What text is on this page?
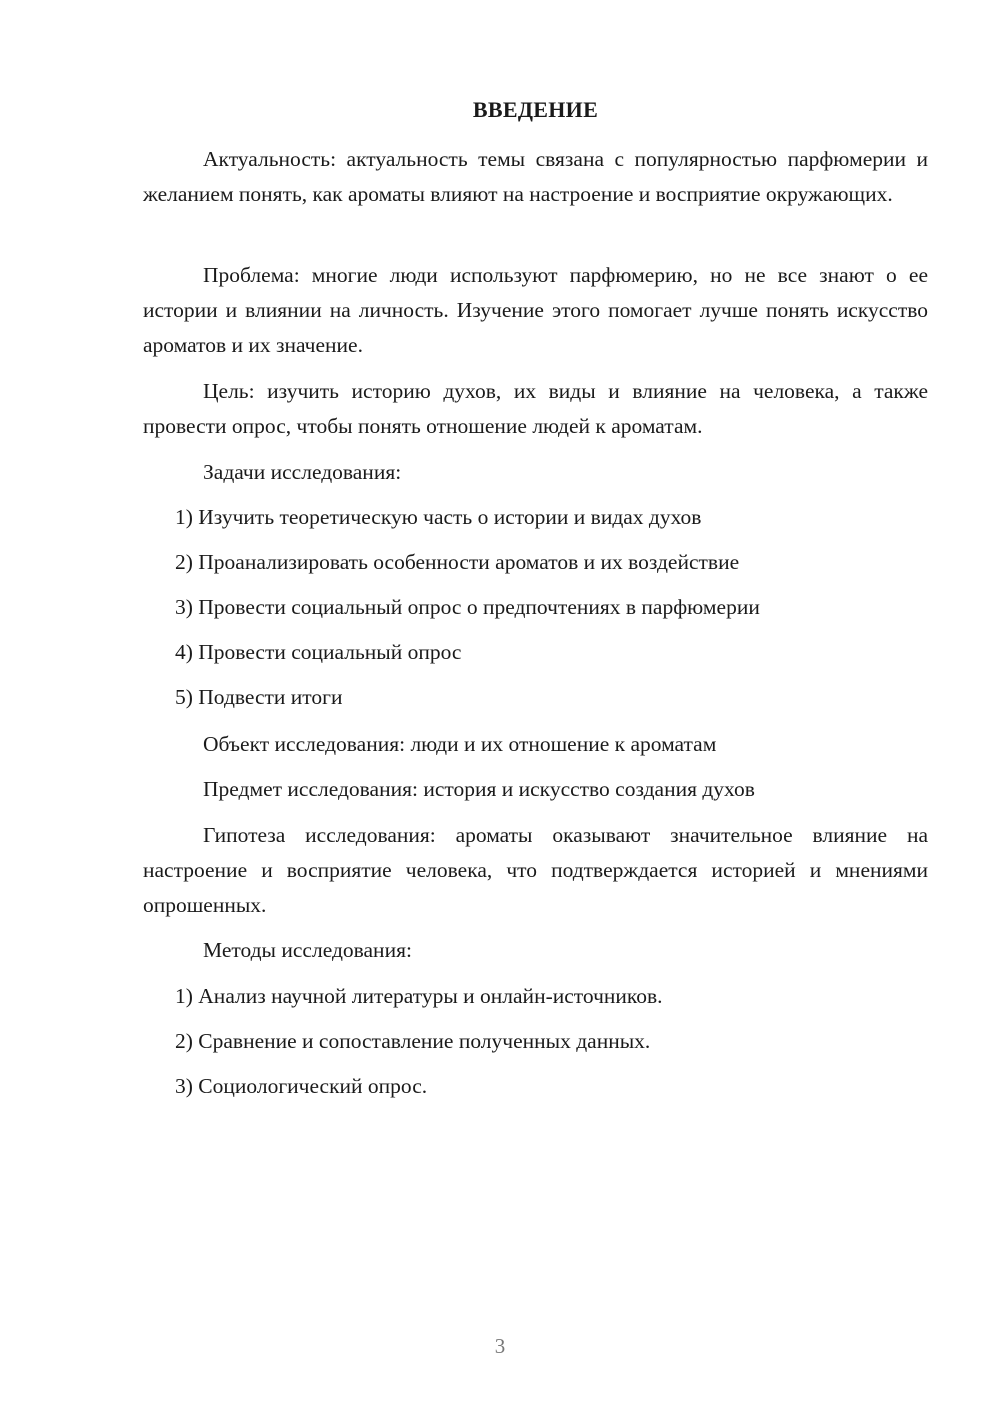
ВВЕДЕНИЕ

Актуальность: актуальность темы связана с популярностью парфюмерии и желанием понять, как ароматы влияют на настроение и восприятие окружающих.

Проблема: многие люди используют парфюмерию, но не все знают о ее истории и влиянии на личность. Изучение этого помогает лучше понять искусство ароматов и их значение.

Цель: изучить историю духов, их виды и влияние на человека, а также провести опрос, чтобы понять отношение людей к ароматам.

Задачи исследования:

1) Изучить теоретическую часть о истории и видах духов

2) Проанализировать особенности ароматов и их воздействие

3) Провести социальный опрос о предпочтениях в парфюмерии

4) Провести социальный опрос

5) Подвести итоги

Объект исследования: люди и их отношение к ароматам

Предмет исследования: история и искусство создания духов

Гипотеза исследования: ароматы оказывают значительное влияние на настроение и восприятие человека, что подтверждается историей и мнениями опрошенных.

Методы исследования:

1) Анализ научной литературы и онлайн-источников.

2) Сравнение и сопоставление полученных данных.

3) Социологический опрос.

3
